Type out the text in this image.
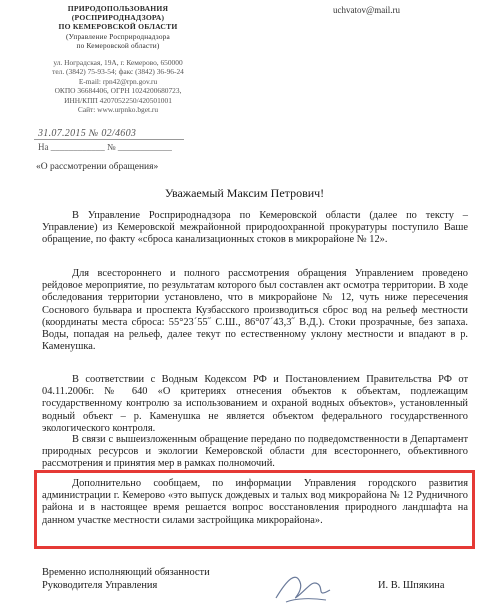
ПРИРОДОПОЛЬЗОВАНИЯ
(РОСПРИРОДНАДЗОРА)
ПО КЕМЕРОВСКОЙ ОБЛАСТИ
(Управление Росприроднадзора
по Кемеровской области)
ул. Ноградская, 19А, г. Кемерово, 650000
тел. (3842) 75-93-54; факс (3842) 36-96-24
E-mail: rpn42@rpn.gov.ru
ОКПО 36684406, ОГРН 1024200680723,
ИНН/КПП 4207052250/420501001
Сайт: www.urpnko.bget.ru
uchvatov@mail.ru
31.07.2015 № 02/4603
На ____________ № ____________
«О рассмотрении обращения»
Уважаемый Максим Петрович!
В Управление Росприроднадзора по Кемеровской области (далее по тексту – Управление) из Кемеровской межрайонной природоохранной прокуратуры поступило Ваше обращение, по факту «сброса канализационных стоков в микрорайоне № 12».
Для всестороннего и полного рассмотрения обращения Управлением проведено рейдовое мероприятие, по результатам которого был составлен акт осмотра территории. В ходе обследования территории установлено, что в микрорайоне № 12, чуть ниже пересечения Соснового бульвара и проспекта Кузбасского производиться сброс вод на рельеф местности (координаты места сброса: 55°23´55˝ С.Ш., 86°07´43,3˝ В.Д.). Стоки прозрачные, без запаха. Воды, попадая на рельеф, далее текут по естественному уклону местности и впадают в р. Каменушка.
В соответствии с Водным Кодексом РФ и Постановлением Правительства РФ от 04.11.2006г. № 640 «О критериях отнесения объектов к объектам, подлежащим государственному контролю за использованием и охраной водных объектов», установленный водный объект – р. Каменушка не является объектом федерального государственного экологического контроля.
В связи с вышеизложенным обращение передано по подведомственности в Департамент природных ресурсов и экологии Кемеровской области для всестороннего, объективного рассмотрения и принятия мер в рамках полномочий.
Дополнительно сообщаем, по информации Управления городского развития администрации г. Кемерово «это выпуск дождевых и талых вод микрорайона № 12 Рудничного района и в настоящее время решается вопрос восстановления природного ландшафта на данном участке местности силами застройщика микрорайона».
Временно исполняющий обязанности
Руководителя Управления	И. В. Шпякина
